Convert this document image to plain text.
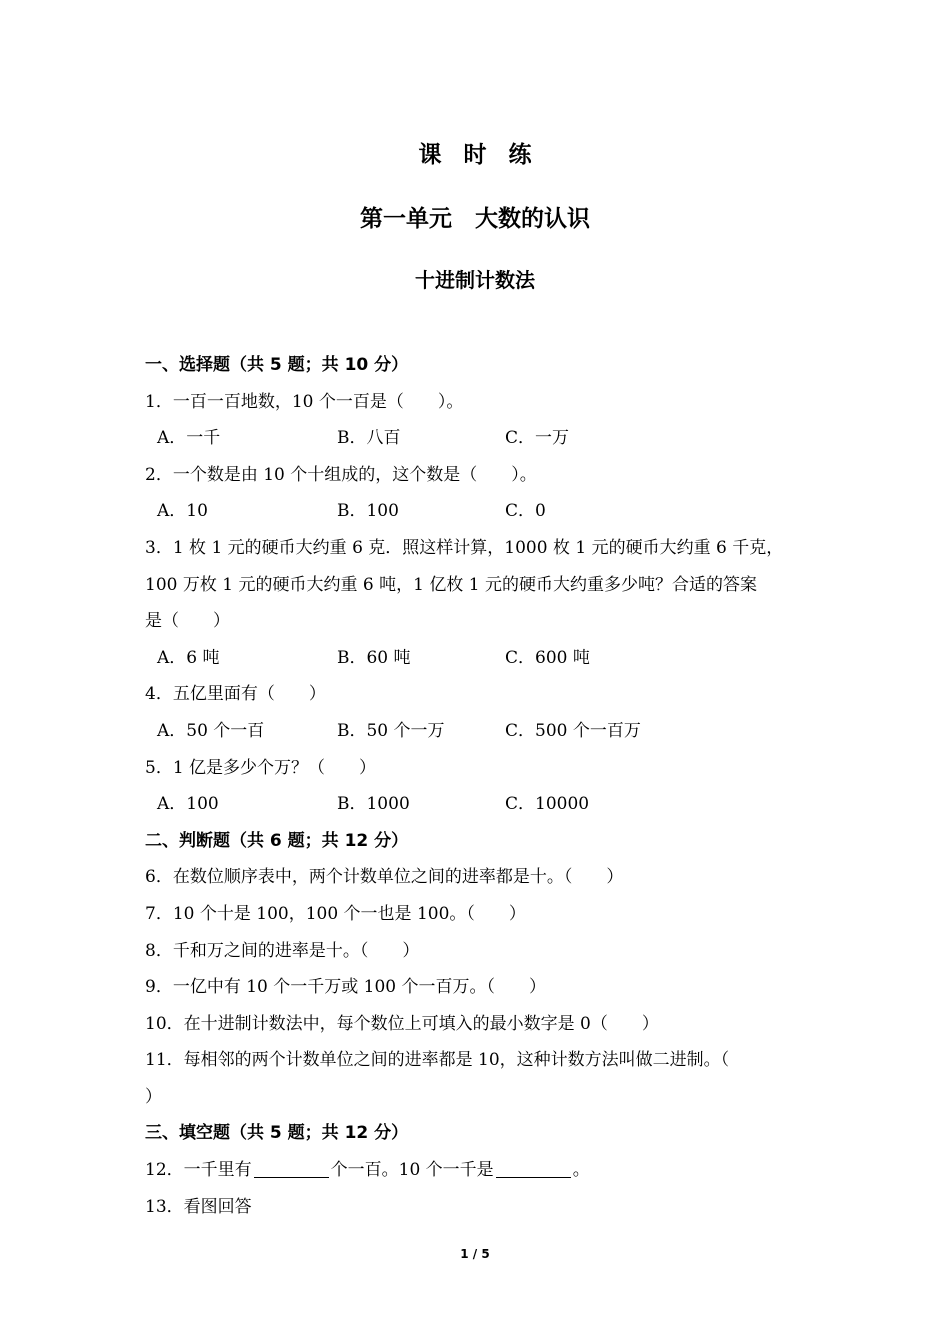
课时练
第一单元　大数的认识
十进制计数法
一、选择题（共 5 题；共 10 分）
1．一百一百地数，10 个一百是（　　）。
A．一千	B．八百	C．一万
2．一个数是由 10 个十组成的，这个数是（　　）。
A．10	B．100	C．0
3．1 枚 1 元的硬币大约重 6 克．照这样计算，1000 枚 1 元的硬币大约重 6 千克，
100 万枚 1 元的硬币大约重 6 吨，1 亿枚 1 元的硬币大约重多少吨？合适的答案
是（　　）
A．6 吨	B．60 吨	C．600 吨
4．五亿里面有（　　）
A．50 个一百	B．50 个一万	C．500 个一百万
5．1 亿是多少个万？（　　）
A．100	B．1000	C．10000
二、判断题（共 6 题；共 12 分）
6．在数位顺序表中，两个计数单位之间的进率都是十。（　　）
7．10 个十是 100，100 个一也是 100。（　　）
8．千和万之间的进率是十。（　　）
9．一亿中有 10 个一千万或 100 个一百万。（　　）
10．在十进制计数法中，每个数位上可填入的最小数字是 0（　　）
11．每相邻的两个计数单位之间的进率都是 10，这种计数方法叫做二进制。（
）
三、填空题（共 5 题；共 12 分）
12．一千里有	个一百。10 个一千是	。
13．看图回答
1 / 5
